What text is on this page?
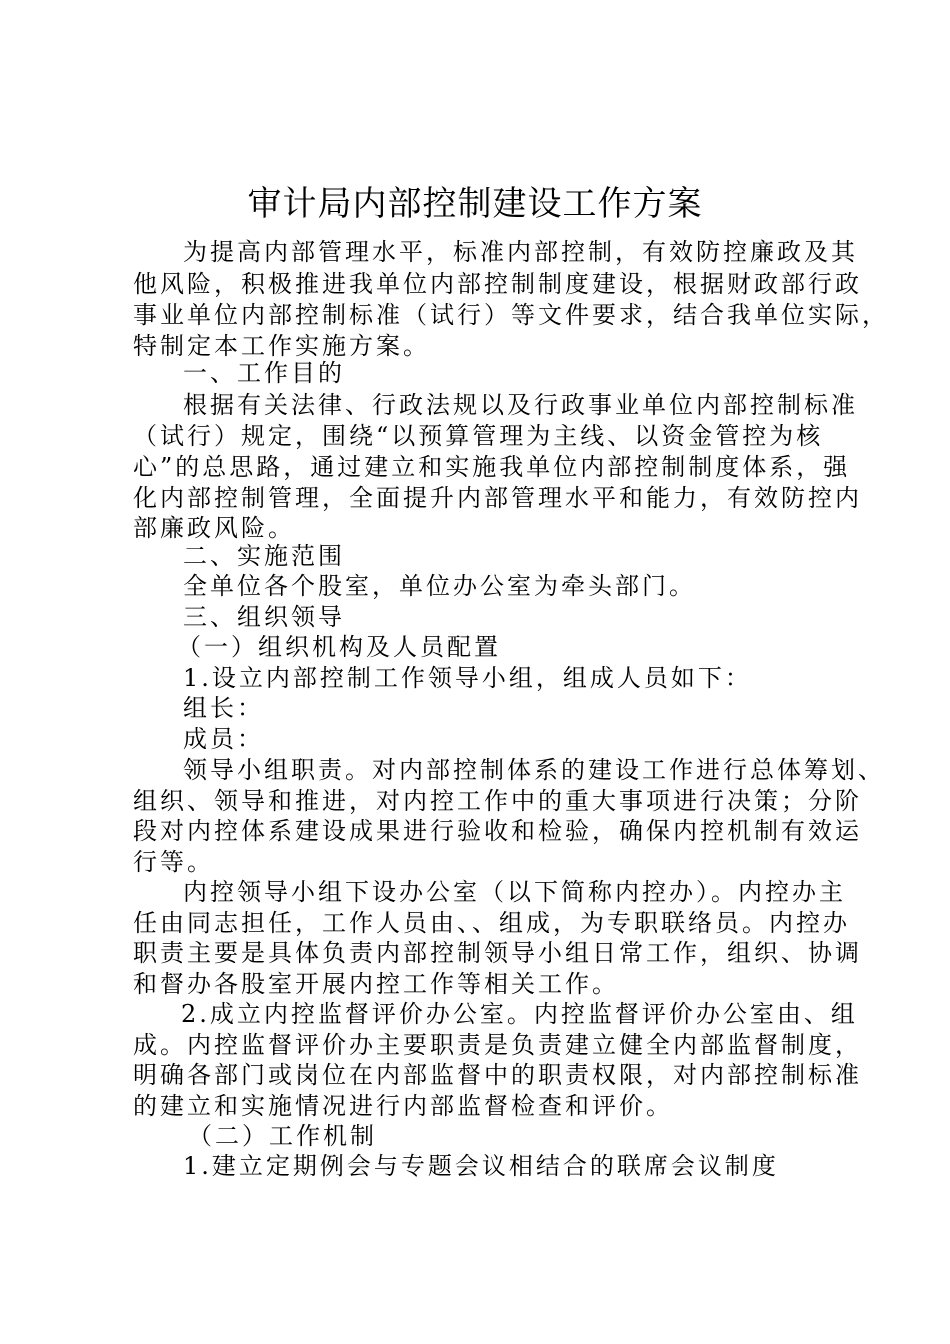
审计局内部控制建设工作方案
为提高内部管理水平，标准内部控制，有效防控廉政及其
他风险，积极推进我单位内部控制制度建设，根据财政部行政
事业单位内部控制标准（试行）等文件要求，结合我单位实际，
特制定本工作实施方案。
一、工作目的
根据有关法律、行政法规以及行政事业单位内部控制标准
（试行）规定，围绕“以预算管理为主线、以资金管控为核
心”的总思路，通过建立和实施我单位内部控制制度体系，强
化内部控制管理，全面提升内部管理水平和能力，有效防控内
部廉政风险。
二、实施范围
全单位各个股室，单位办公室为牵头部门。
三、组织领导
（一）组织机构及人员配置
1.设立内部控制工作领导小组，组成人员如下：
组长：
成员：
领导小组职责。对内部控制体系的建设工作进行总体筹划、
组织、领导和推进，对内控工作中的重大事项进行决策；分阶
段对内控体系建设成果进行验收和检验，确保内控机制有效运
行等。
内控领导小组下设办公室（以下简称内控办）。内控办主
任由同志担任，工作人员由、、组成，为专职联络员。内控办
职责主要是具体负责内部控制领导小组日常工作，组织、协调
和督办各股室开展内控工作等相关工作。
2.成立内控监督评价办公室。内控监督评价办公室由、组
成。内控监督评价办主要职责是负责建立健全内部监督制度，
明确各部门或岗位在内部监督中的职责权限，对内部控制标准
的建立和实施情况进行内部监督检查和评价。
（二）工作机制
1.建立定期例会与专题会议相结合的联席会议制度
